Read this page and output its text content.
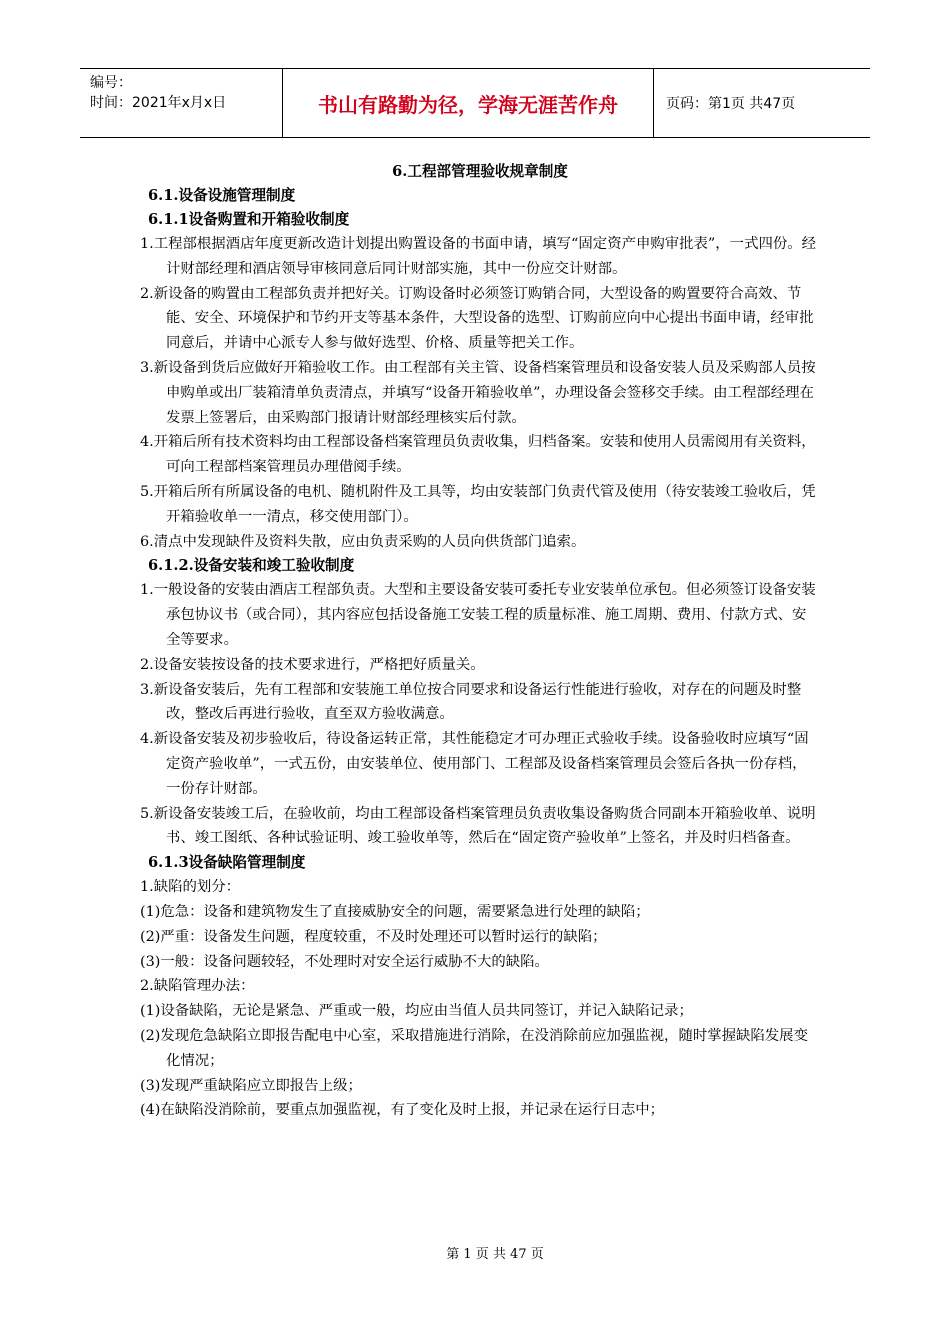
编号：
时间：2021年x月x日	书山有路勤为径，学海无涯苦作舟	页码：第1页 共47页
6.工程部管理验收规章制度
6.1.设备设施管理制度
6.1.1设备购置和开箱验收制度
1.工程部根据酒店年度更新改造计划提出购置设备的书面申请，填写“固定资产申购审批表”，一式四份。经计财部经理和酒店领导审核同意后同计财部实施，其中一份应交计财部。
2.新设备的购置由工程部负责并把好关。订购设备时必须签订购销合同，大型设备的购置要符合高效、节能、安全、环境保护和节约开支等基本条件，大型设备的选型、订购前应向中心提出书面申请，经审批同意后，并请中心派专人参与做好选型、价格、质量等把关工作。
3.新设备到货后应做好开箱验收工作。由工程部有关主管、设备档案管理员和设备安装人员及采购部人员按申购单或出厂装箱清单负责清点，并填写“设备开箱验收单”，办理设备会签移交手续。由工程部经理在发票上签署后，由采购部门报请计财部经理核实后付款。
4.开箱后所有技术资料均由工程部设备档案管理员负责收集，归档备案。安装和使用人员需阅用有关资料，可向工程部档案管理员办理借阅手续。
5.开箱后所有所属设备的电机、随机附件及工具等，均由安装部门负责代管及使用（待安装竣工验收后，凭开箱验收单一一清点，移交使用部门）。
6.清点中发现缺件及资料失散，应由负责采购的人员向供货部门追索。
6.1.2.设备安装和竣工验收制度
1.一般设备的安装由酒店工程部负责。大型和主要设备安装可委托专业安装单位承包。但必须签订设备安装承包协议书（或合同），其内容应包括设备施工安装工程的质量标准、施工周期、费用、付款方式、安全等要求。
2.设备安装按设备的技术要求进行，严格把好质量关。
3.新设备安装后，先有工程部和安装施工单位按合同要求和设备运行性能进行验收，对存在的问题及时整改，整改后再进行验收，直至双方验收满意。
4.新设备安装及初步验收后，待设备运转正常，其性能稳定才可办理正式验收手续。设备验收时应填写“固定资产验收单”，一式五份，由安装单位、使用部门、工程部及设备档案管理员会签后各执一份存档，一份存计财部。
5.新设备安装竣工后，在验收前，均由工程部设备档案管理员负责收集设备购货合同副本开箱验收单、说明书、竣工图纸、各种试验证明、竣工验收单等，然后在“固定资产验收单”上签名，并及时归档备查。
6.1.3设备缺陷管理制度
1.缺陷的划分：
(1)危急：设备和建筑物发生了直接威胁安全的问题，需要紧急进行处理的缺陷；
(2)严重：设备发生问题，程度较重，不及时处理还可以暂时运行的缺陷；
(3)一般：设备问题较轻，不处理时对安全运行威胁不大的缺陷。
2.缺陷管理办法：
(1)设备缺陷，无论是紧急、严重或一般，均应由当值人员共同签订，并记入缺陷记录；
(2)发现危急缺陷立即报告配电中心室，采取措施进行消除，在没消除前应加强监视，随时掌握缺陷发展变化情况；
(3)发现严重缺陷应立即报告上级；
(4)在缺陷没消除前，要重点加强监视，有了变化及时上报，并记录在运行日志中；
第 1 页 共 47 页
